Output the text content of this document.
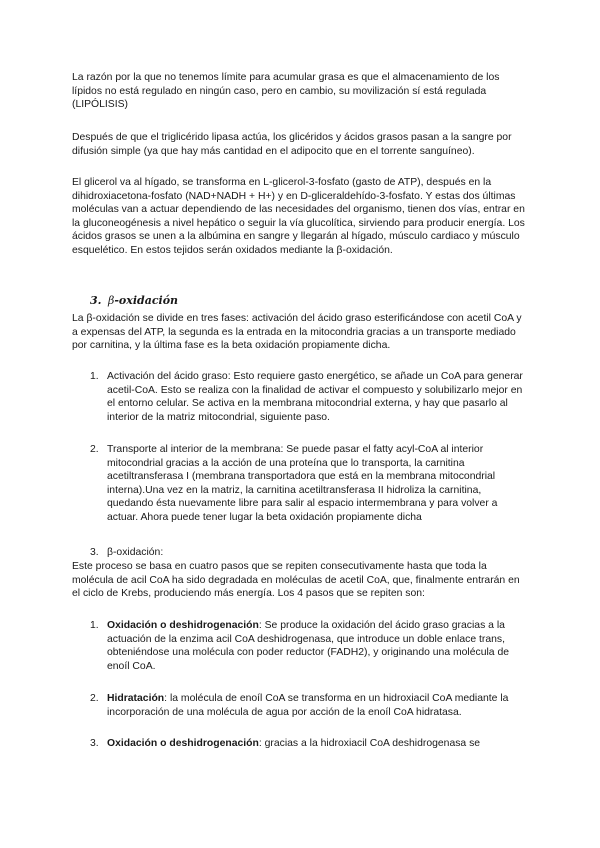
La razón por la que no tenemos límite para acumular grasa es que el almacenamiento de los lípidos no está regulado en ningún caso, pero en cambio, su movilización sí está regulada (LIPÓLISIS)

Después de que el triglicérido lipasa actúa, los glicéridos y ácidos grasos pasan a la sangre por difusión simple (ya que hay más cantidad en el adipocito que en el torrente sanguíneo).

El glicerol va al hígado, se transforma en L-glicerol-3-fosfato (gasto de ATP), después en la dihidroxiacetona-fosfato (NAD+NADH + H+) y en D-gliceraldehído-3-fosfato. Y estas dos últimas moléculas van a actuar dependiendo de las necesidades del organismo, tienen dos vías, entrar en la gluconeogénesis a nivel hepático o seguir la vía glucolítica, sirviendo para producir energía. Los ácidos grasos se unen a la albúmina en sangre y llegarán al hígado, músculo cardiaco y músculo esquelético. En estos tejidos serán oxidados mediante la β-oxidación.

3. β-oxidación

La β-oxidación se divide en tres fases: activación del ácido graso esterificándose con acetil CoA y a expensas del ATP, la segunda es la entrada en la mitocondria gracias a un transporte mediado por carnitina, y la última fase es la beta oxidación propiamente dicha.

1. Activación del ácido graso: Esto requiere gasto energético, se añade un CoA para generar acetil-CoA. Esto se realiza con la finalidad de activar el compuesto y solubilizarlo mejor en el entorno celular. Se activa en la membrana mitocondrial externa, y hay que pasarlo al interior de la matriz mitocondrial, siguiente paso.
2. Transporte al interior de la membrana: Se puede pasar el fatty acyl-CoA al interior mitocondrial gracias a la acción de una proteína que lo transporta, la carnitina acetiltransferasa I (membrana transportadora que está en la membrana mitocondrial interna).Una vez en la matriz, la carnitina acetiltransferasa II hidroliza la carnitina, quedando ésta nuevamente libre para salir al espacio intermembrana y para volver a actuar. Ahora puede tener lugar la beta oxidación propiamente dicha
3. β-oxidación:

Este proceso se basa en cuatro pasos que se repiten consecutivamente hasta que toda la molécula de acil CoA ha sido degradada en moléculas de acetil CoA, que, finalmente entrarán en el ciclo de Krebs, produciendo más energía. Los 4 pasos que se repiten son:

1. Oxidación o deshidrogenación: Se produce la oxidación del ácido graso gracias a la actuación de la enzima acil CoA deshidrogenasa, que introduce un doble enlace trans, obteniéndose una molécula con poder reductor (FADH2), y originando una molécula de enoíl CoA.
2. Hidratación: la molécula de enoíl CoA se transforma en un hidroxiacil CoA mediante la incorporación de una molécula de agua por acción de la enoíl CoA hidratasa.
3. Oxidación o deshidrogenación: gracias a la hidroxiacil CoA deshidrogenasa se
